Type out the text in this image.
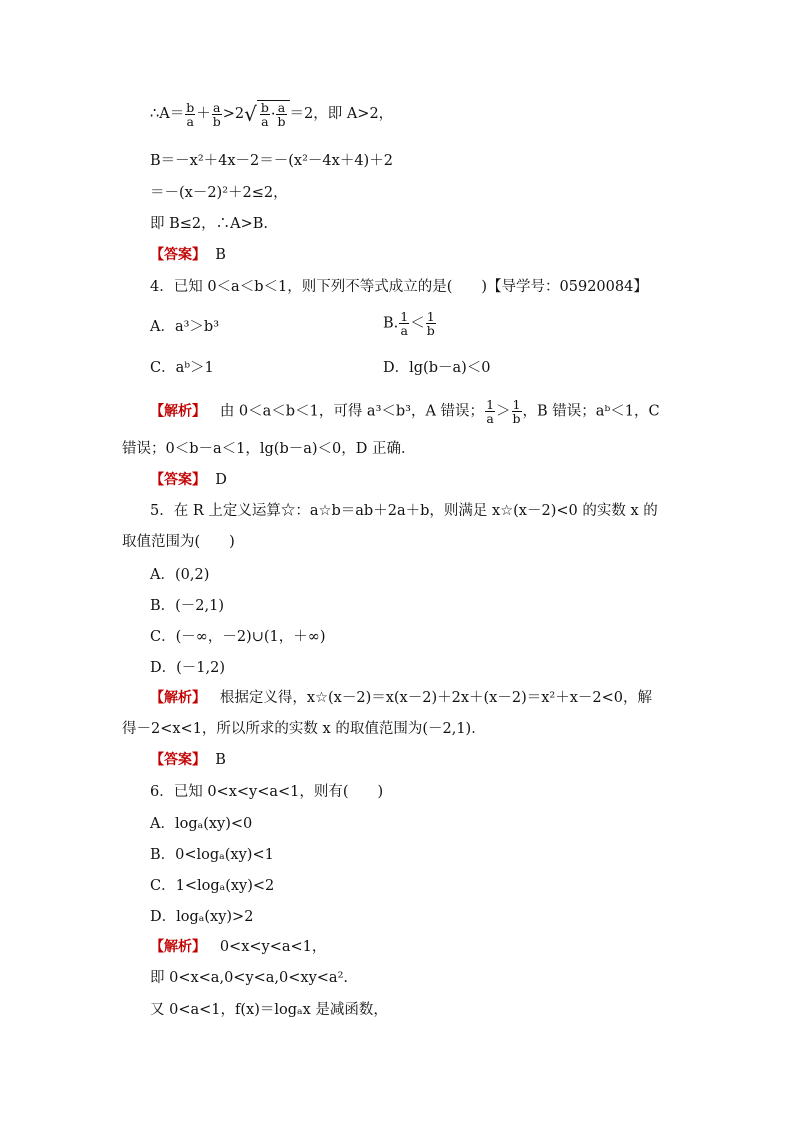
∴A＝ $\frac{b}{a} + \frac{a}{b} >2√ \frac{b}{a} \cdot \frac{a}{b} =2$，即 A>2，
B＝－x²＋4x－2＝－(x²－4x＋4)＋2
＝－(x－2)²＋2≤2，
即 B≤2，∴A>B.
【答案】 B
4．已知 0＜a＜b＜1，则下列不等式成立的是(　　)【导学号：05920084】
A．a³＞b³	B. $\frac{1}{a} < \frac{1}{b}$
C．aᵇ＞1	D．lg(b－a)＜0
【解析】 由 0＜a＜b＜1，可得 a³＜b³，A 错误； $\frac{1}{a} > \frac{1}{b}$ ，B 错误；aᵇ＜1，C
错误；0＜b－a＜1，lg(b－a)＜0，D 正确．
【答案】 D
5．在 R 上定义运算☆：a☆b＝ab＋2a＋b，则满足 x☆(x－2)<0 的实数 x 的
取值范围为(　　)
A．(0,2)
B．(－2,1)
C．(－∞，－2)∪(1，＋∞)
D．(－1,2)
【解析】 根据定义得，x☆(x－2)＝x(x－2)＋2x＋(x－2)＝x²＋x－2<0，解
得－2<x<1，所以所求的实数 x 的取值范围为(－2,1)．
【答案】 B
6．已知 0<x<y<a<1，则有(　　)
A．logₐ(xy)<0
B．0<logₐ(xy)<1
C．1<logₐ(xy)<2
D．logₐ(xy)>2
【解析】 0<x<y<a<1，
即 0<x<a,0<y<a,0<xy<a².
又 0<a<1，f(x)＝logₐx 是减函数，
